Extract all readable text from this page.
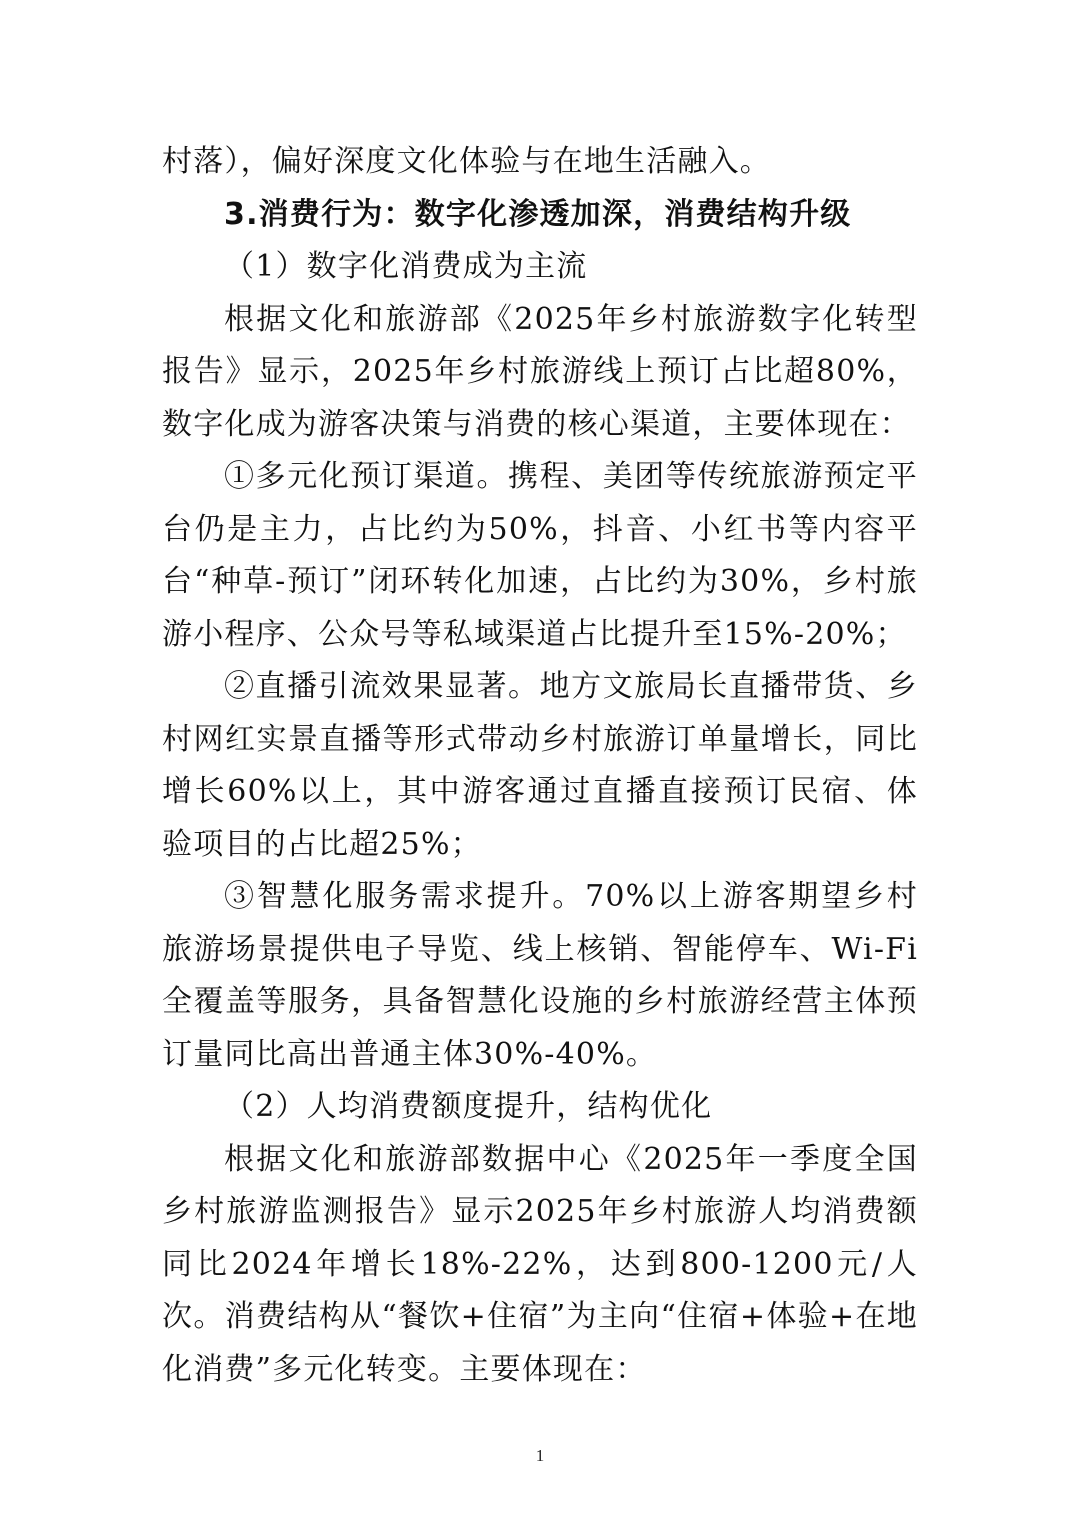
村落），偏好深度文化体验与在地生活融入。

3.消费行为：数字化渗透加深，消费结构升级

（1）数字化消费成为主流

根据文化和旅游部《2025年乡村旅游数字化转型报告》显示，2025年乡村旅游线上预订占比超80%，数字化成为游客决策与消费的核心渠道，主要体现在：

①多元化预订渠道。携程、美团等传统旅游预定平台仍是主力，占比约为50%，抖音、小红书等内容平台“种草-预订”闭环转化加速，占比约为30%，乡村旅游小程序、公众号等私域渠道占比提升至15%-20%；

②直播引流效果显著。地方文旅局长直播带货、乡村网红实景直播等形式带动乡村旅游订单量增长，同比增长60%以上，其中游客通过直播直接预订民宿、体验项目的占比超25%；

③智慧化服务需求提升。70%以上游客期望乡村旅游场景提供电子导览、线上核销、智能停车、Wi-Fi全覆盖等服务，具备智慧化设施的乡村旅游经营主体预订量同比高出普通主体30%-40%。

（2）人均消费额度提升，结构优化

根据文化和旅游部数据中心《2025年一季度全国乡村旅游监测报告》显示2025年乡村旅游人均消费额同比2024年增长18%-22%，达到800-1200元/人次。消费结构从“餐饮+住宿”为主向“住宿+体验+在地化消费”多元化转变。主要体现在：

1
